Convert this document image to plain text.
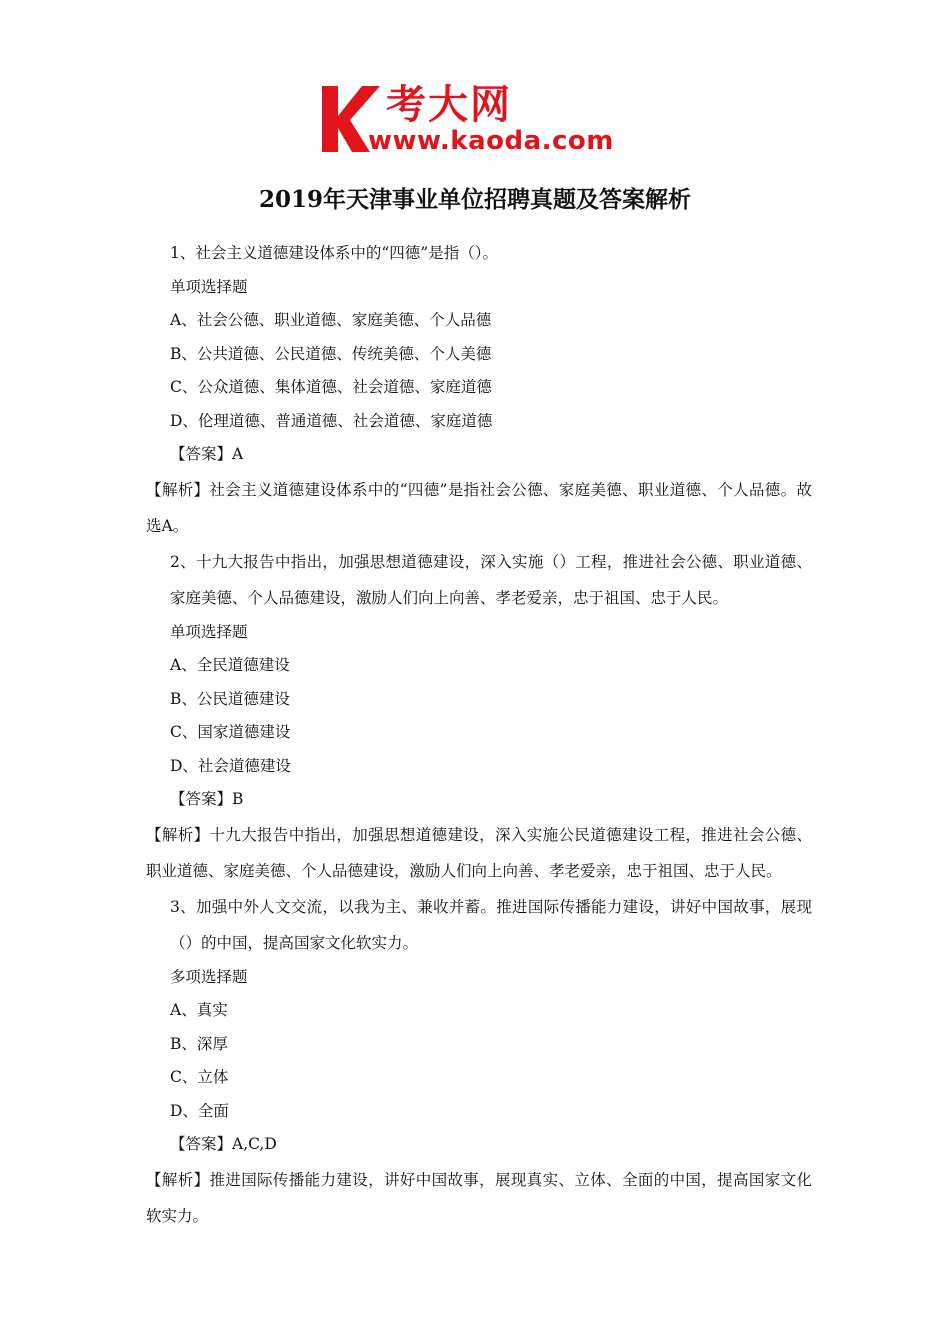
考大网
www.kaoda.com
2019年天津事业单位招聘真题及答案解析

1、社会主义道德建设体系中的“四德”是指（）。

单项选择题

A、社会公德、职业道德、家庭美德、个人品德

B、公共道德、公民道德、传统美德、个人美德

C、公众道德、集体道德、社会道德、家庭道德

D、伦理道德、普通道德、社会道德、家庭道德

【答案】A

【解析】社会主义道德建设体系中的“四德”是指社会公德、家庭美德、职业道德、个人品德。故选A。

2、十九大报告中指出，加强思想道德建设，深入实施（）工程，推进社会公德、职业道德、家庭美德、个人品德建设，激励人们向上向善、孝老爱亲，忠于祖国、忠于人民。

单项选择题

A、全民道德建设

B、公民道德建设

C、国家道德建设

D、社会道德建设

【答案】B

【解析】十九大报告中指出，加强思想道德建设，深入实施公民道德建设工程，推进社会公德、职业道德、家庭美德、个人品德建设，激励人们向上向善、孝老爱亲，忠于祖国、忠于人民。

3、加强中外人文交流，以我为主、兼收并蓄。推进国际传播能力建设，讲好中国故事，展现（）的中国，提高国家文化软实力。

多项选择题

A、真实

B、深厚

C、立体

D、全面

【答案】A,C,D

【解析】推进国际传播能力建设，讲好中国故事，展现真实、立体、全面的中国，提高国家文化软实力。
